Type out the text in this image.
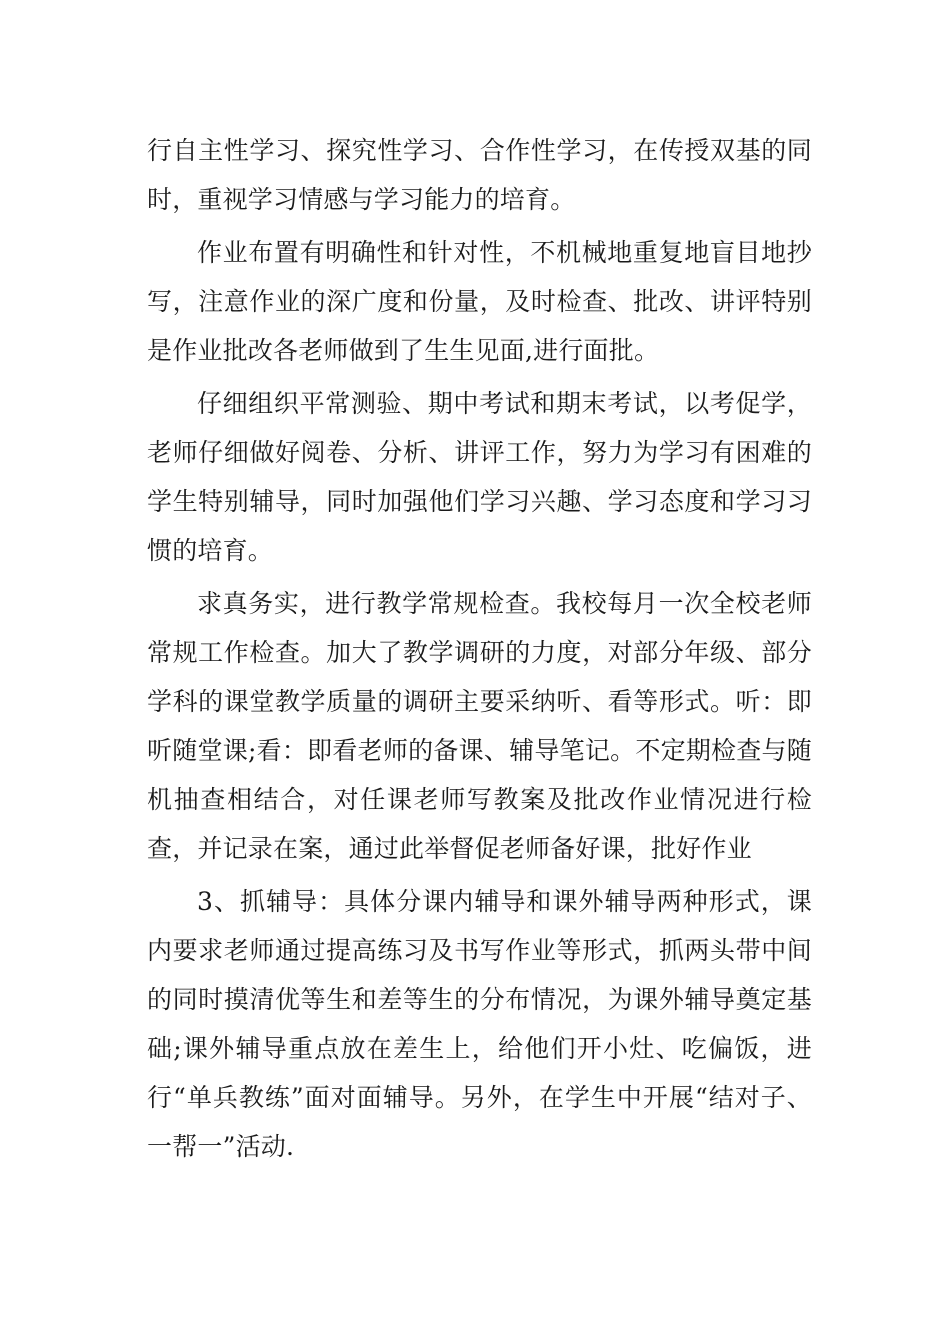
行自主性学习、探究性学习、合作性学习，在传授双基的同时，重视学习情感与学习能力的培育。

作业布置有明确性和针对性，不机械地重复地盲目地抄写，注意作业的深广度和份量，及时检查、批改、讲评特别是作业批改各老师做到了生生见面,进行面批。

仔细组织平常测验、期中考试和期末考试，以考促学，老师仔细做好阅卷、分析、讲评工作，努力为学习有困难的学生特别辅导，同时加强他们学习兴趣、学习态度和学习习惯的培育。

求真务实，进行教学常规检查。我校每月一次全校老师常规工作检查。加大了教学调研的力度，对部分年级、部分学科的课堂教学质量的调研主要采纳听、看等形式。听：即听随堂课;看：即看老师的备课、辅导笔记。不定期检查与随机抽查相结合，对任课老师写教案及批改作业情况进行检查，并记录在案，通过此举督促老师备好课，批好作业

3、抓辅导：具体分课内辅导和课外辅导两种形式，课内要求老师通过提高练习及书写作业等形式，抓两头带中间的同时摸清优等生和差等生的分布情况，为课外辅导奠定基础;课外辅导重点放在差生上，给他们开小灶、吃偏饭，进行“单兵教练”面对面辅导。另外，在学生中开展“结对子、一帮一”活动.
